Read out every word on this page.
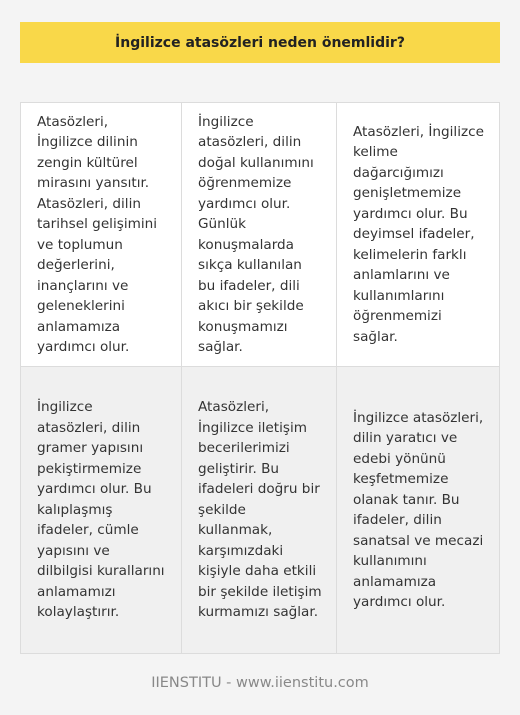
İngilizce atasözleri neden önemlidir?
Atasözleri, İngilizce dilinin zengin kültürel mirasını yansıtır. Atasözleri, dilin tarihsel gelişimini ve toplumun değerlerini, inançlarını ve geleneklerini anlamamıza yardımcı olur.
İngilizce atasözleri, dilin doğal kullanımını öğrenmemize yardımcı olur. Günlük konuşmalarda sıkça kullanılan bu ifadeler, dili akıcı bir şekilde konuşmamızı sağlar.
Atasözleri, İngilizce kelime dağarcığımızı genişletmemize yardımcı olur. Bu deyimsel ifadeler, kelimelerin farklı anlamlarını ve kullanımlarını öğrenmemizi sağlar.
İngilizce atasözleri, dilin gramer yapısını pekiştirmemize yardımcı olur. Bu kalıplaşmış ifadeler, cümle yapısını ve dilbilgisi kurallarını anlamamızı kolaylaştırır.
Atasözleri, İngilizce iletişim becerilerimizi geliştirir. Bu ifadeleri doğru bir şekilde kullanmak, karşımızdaki kişiyle daha etkili bir şekilde iletişim kurmamızı sağlar.
İngilizce atasözleri, dilin yaratıcı ve edebi yönünü keşfetmemize olanak tanır. Bu ifadeler, dilin sanatsal ve mecazi kullanımını anlamamıza yardımcı olur.
IIENSTITU - www.iienstitu.com
